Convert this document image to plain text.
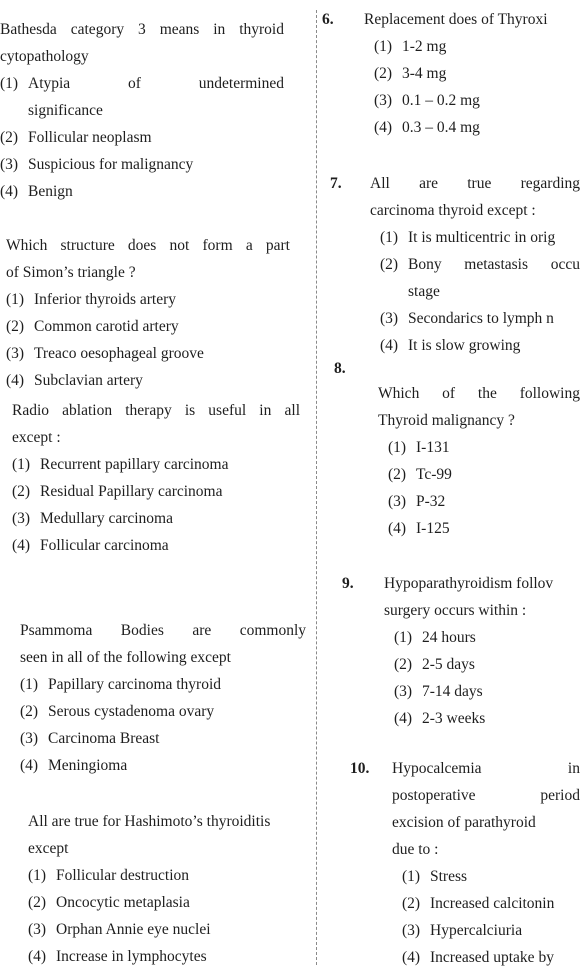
Bathesda category 3 means in thyroid

cytopathology

(1) Atypia of undetermined
significance
(2) Follicular neoplasm
(3) Suspicious for malignancy
(4) Benign

Which structure does not form a part

of Simon’s triangle ?

(1) Inferior thyroids artery
(2) Common carotid artery
(3) Treaco oesophageal groove
(4) Subclavian artery

Radio ablation therapy is useful in all

except :

(1) Recurrent papillary carcinoma
(2) Residual Papillary carcinoma
(3) Medullary carcinoma
(4) Follicular carcinoma

Psammoma Bodies are commonly

seen in all of the following except

(1) Papillary carcinoma thyroid
(2) Serous cystadenoma ovary
(3) Carcinoma Breast
(4) Meningioma

All are true for Hashimoto’s thyroiditis

except

(1) Follicular destruction
(2) Oncocytic metaplasia
(3) Orphan Annie eye nuclei
(4) Increase in lymphocytes
6. Replacement does of Thyroxi

(1) 1-2 mg
(2) 3-4 mg
(3) 0.1 – 0.2 mg
(4) 0.3 – 0.4 mg
7. All are true regarding

carcinoma thyroid except :

(1) It is multicentric in orig
(2) Bony metastasis occu
stage
(3) Secondarics to lymph n
(4) It is slow growing
8.

Which of the following

Thyroid malignancy ?

(1) I-131
(2) Tc-99
(3) P-32
(4) I-125
9. Hypoparathyroidism follov

surgery occurs within :

(1) 24 hours
(2) 2-5 days
(3) 7-14 days
(4) 2-3 weeks
10. Hypocalcemia in

postoperative period

excision of parathyroid

due to :

(1) Stress
(2) Increased calcitonin
(3) Hypercalciuria
(4) Increased uptake by
